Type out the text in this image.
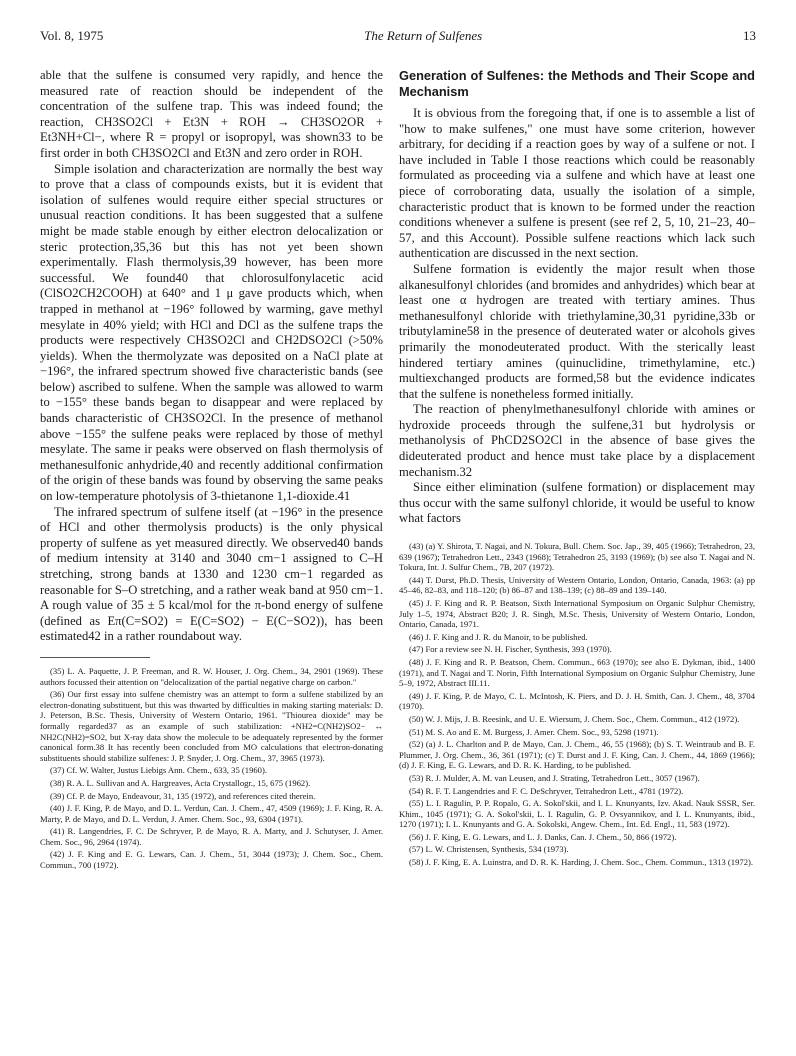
Vol. 8, 1975	The Return of Sulfenes	13

able that the sulfene is consumed very rapidly, and hence the measured rate of reaction should be independent of the concentration of the sulfene trap. This was indeed found; the reaction, CH3SO2Cl + Et3N + ROH → CH3SO2OR + Et3NH+Cl−, where R = propyl or isopropyl, was shown33 to be first order in both CH3SO2Cl and Et3N and zero order in ROH.

Simple isolation and characterization are normally the best way to prove that a class of compounds exists, but it is evident that isolation of sulfenes would require either special structures or unusual reaction conditions. It has been suggested that a sulfene might be made stable enough by either electron delocalization or steric protection,35,36 but this has not yet been shown experimentally. Flash thermolysis,39 however, has been more successful. We found40 that chlorosulfonylacetic acid (ClSO2CH2COOH) at 640° and 1 μ gave products which, when trapped in methanol at −196° followed by warming, gave methyl mesylate in 40% yield; with HCl and DCl as the sulfene traps the products were respectively CH3SO2Cl and CH2DSO2Cl (>50% yields). When the thermolyzate was deposited on a NaCl plate at −196°, the infrared spectrum showed five characteristic bands (see below) ascribed to sulfene. When the sample was allowed to warm to −155° these bands began to disappear and were replaced by bands characteristic of CH3SO2Cl. In the presence of methanol above −155° the sulfene peaks were replaced by those of methyl mesylate. The same ir peaks were observed on flash thermolysis of methanesulfonic anhydride,40 and recently additional confirmation of the origin of these bands was found by observing the same peaks on low-temperature photolysis of 3-thietanone 1,1-dioxide.41

The infrared spectrum of sulfene itself (at −196° in the presence of HCl and other thermolysis products) is the only physical property of sulfene as yet measured directly. We observed40 bands of medium intensity at 3140 and 3040 cm−1 assigned to C–H stretching, strong bands at 1330 and 1230 cm−1 regarded as reasonable for S–O stretching, and a rather weak band at 950 cm−1. A rough value of 35 ± 5 kcal/mol for the π-bond energy of sulfene (defined as Eπ(C=SO2) = E(C=SO2) − E(C−SO2)), has been estimated42 in a rather roundabout way.

(35) L. A. Paquette, J. P. Freeman, and R. W. Houser, J. Org. Chem., 34, 2901 (1969). These authors focussed their attention on "delocalization of the partial negative charge on carbon."

(36) Our first essay into sulfene chemistry was an attempt to form a sulfene stabilized by an electron-donating substituent, but this was thwarted by difficulties in making starting materials: D. J. Peterson, B.Sc. Thesis, University of Western Ontario, 1961. "Thiourea dioxide" may be formally regarded37 as an example of such stabilization: +NH2=C(NH2)SO2− ↔ NH2C(NH2)=SO2, but X-ray data show the molecule to be adequately represented by the former canonical form.38 It has recently been concluded from MO calculations that electron-donating substituents should stabilize sulfenes: J. P. Snyder, J. Org. Chem., 37, 3965 (1973).

(37) Cf. W. Walter, Justus Liebigs Ann. Chem., 633, 35 (1960).

(38) R. A. L. Sullivan and A. Hargreaves, Acta Crystallogr., 15, 675 (1962).

(39) Cf. P. de Mayo, Endeavour, 31, 135 (1972), and references cited therein.

(40) J. F. King, P. de Mayo, and D. L. Verdun, Can. J. Chem., 47, 4509 (1969); J. F. King, R. A. Marty, P. de Mayo, and D. L. Verdun, J. Amer. Chem. Soc., 93, 6304 (1971).

(41) R. Langendries, F. C. De Schryver, P. de Mayo, R. A. Marty, and J. Schutyser, J. Amer. Chem. Soc., 96, 2964 (1974).

(42) J. F. King and E. G. Lewars, Can. J. Chem., 51, 3044 (1973); J. Chem. Soc., Chem. Commun., 700 (1972).

Generation of Sulfenes: the Methods and Their Scope and Mechanism

It is obvious from the foregoing that, if one is to assemble a list of "how to make sulfenes," one must have some criterion, however arbitrary, for deciding if a reaction goes by way of a sulfene or not. I have included in Table I those reactions which could be reasonably formulated as proceeding via a sulfene and which have at least one piece of corroborating data, usually the isolation of a simple, characteristic product that is known to be formed under the reaction conditions whenever a sulfene is present (see ref 2, 5, 10, 21–23, 40–57, and this Account). Possible sulfene reactions which lack such authentication are discussed in the next section.

Sulfene formation is evidently the major result when those alkanesulfonyl chlorides (and bromides and anhydrides) which bear at least one α hydrogen are treated with tertiary amines. Thus methanesulfonyl chloride with triethylamine,30,31 pyridine,33b or tributylamine58 in the presence of deuterated water or alcohols gives primarily the monodeuterated product. With the sterically least hindered tertiary amines (quinuclidine, trimethylamine, etc.) multiexchanged products are formed,58 but the evidence indicates that the sulfene is nonetheless formed initially.

The reaction of phenylmethanesulfonyl chloride with amines or hydroxide proceeds through the sulfene,31 but hydrolysis or methanolysis of PhCD2SO2Cl in the absence of base gives the dideuterated product and hence must take place by a displacement mechanism.32

Since either elimination (sulfene formation) or displacement may thus occur with the same sulfonyl chloride, it would be useful to know what factors

(43) (a) Y. Shirota, T. Nagai, and N. Tokura, Bull. Chem. Soc. Jap., 39, 405 (1966); Tetrahedron, 23, 639 (1967); Tetrahedron Lett., 2343 (1968); Tetrahedron 25, 3193 (1969); (b) see also T. Nagai and N. Tokura, Int. J. Sulfur Chem., 7B, 207 (1972).

(44) T. Durst, Ph.D. Thesis, University of Western Ontario, London, Ontario, Canada, 1963: (a) pp 45–46, 82–83, and 118–120; (b) 86–87 and 138–139; (c) 88–89 and 139–140.

(45) J. F. King and R. P. Beatson, Sixth International Symposium on Organic Sulphur Chemistry, July 1–5, 1974, Abstract B20; J. R. Singh, M.Sc. Thesis, University of Western Ontario, London, Ontario, Canada, 1971.

(46) J. F. King and J. R. du Manoir, to be published.

(47) For a review see N. H. Fischer, Synthesis, 393 (1970).

(48) J. F. King and R. P. Beatson, Chem. Commun., 663 (1970); see also E. Dykman, ibid., 1400 (1971), and T. Nagai and T. Norin, Fifth International Symposium on Organic Sulphur Chemistry, June 5–9, 1972, Abstract III.11.

(49) J. F. King, P. de Mayo, C. L. McIntosh, K. Piers, and D. J. H. Smith, Can. J. Chem., 48, 3704 (1970).

(50) W. J. Mijs, J. B. Reesink, and U. E. Wiersum, J. Chem. Soc., Chem. Commun., 412 (1972).

(51) M. S. Ao and E. M. Burgess, J. Amer. Chem. Soc., 93, 5298 (1971).

(52) (a) J. L. Charlton and P. de Mayo, Can. J. Chem., 46, 55 (1968); (b) S. T. Weintraub and B. F. Plummer, J. Org. Chem., 36, 361 (1971); (c) T. Durst and J. F. King, Can. J. Chem., 44, 1869 (1966); (d) J. F. King, E. G. Lewars, and D. R. K. Harding, to be published.

(53) R. J. Mulder, A. M. van Leusen, and J. Strating, Tetrahedron Lett., 3057 (1967).

(54) R. F. T. Langendries and F. C. DeSchryver, Tetrahedron Lett., 4781 (1972).

(55) L. I. Ragulin, P. P. Ropalo, G. A. Sokol'skii, and I. L. Knunyants, Izv. Akad. Nauk SSSR, Ser. Khim., 1045 (1971); G. A. Sokol'skii, L. I. Ragulin, G. P. Ovsyannikov, and I. L. Knunyants, ibid., 1270 (1971); I. L. Knunyants and G. A. Sokolski, Angew. Chem., Int. Ed. Engl., 11, 583 (1972).

(56) J. F. King, E. G. Lewars, and L. J. Danks, Can. J. Chem., 50, 866 (1972).

(57) L. W. Christensen, Synthesis, 534 (1973).

(58) J. F. King, E. A. Luinstra, and D. R. K. Harding, J. Chem. Soc., Chem. Commun., 1313 (1972).
